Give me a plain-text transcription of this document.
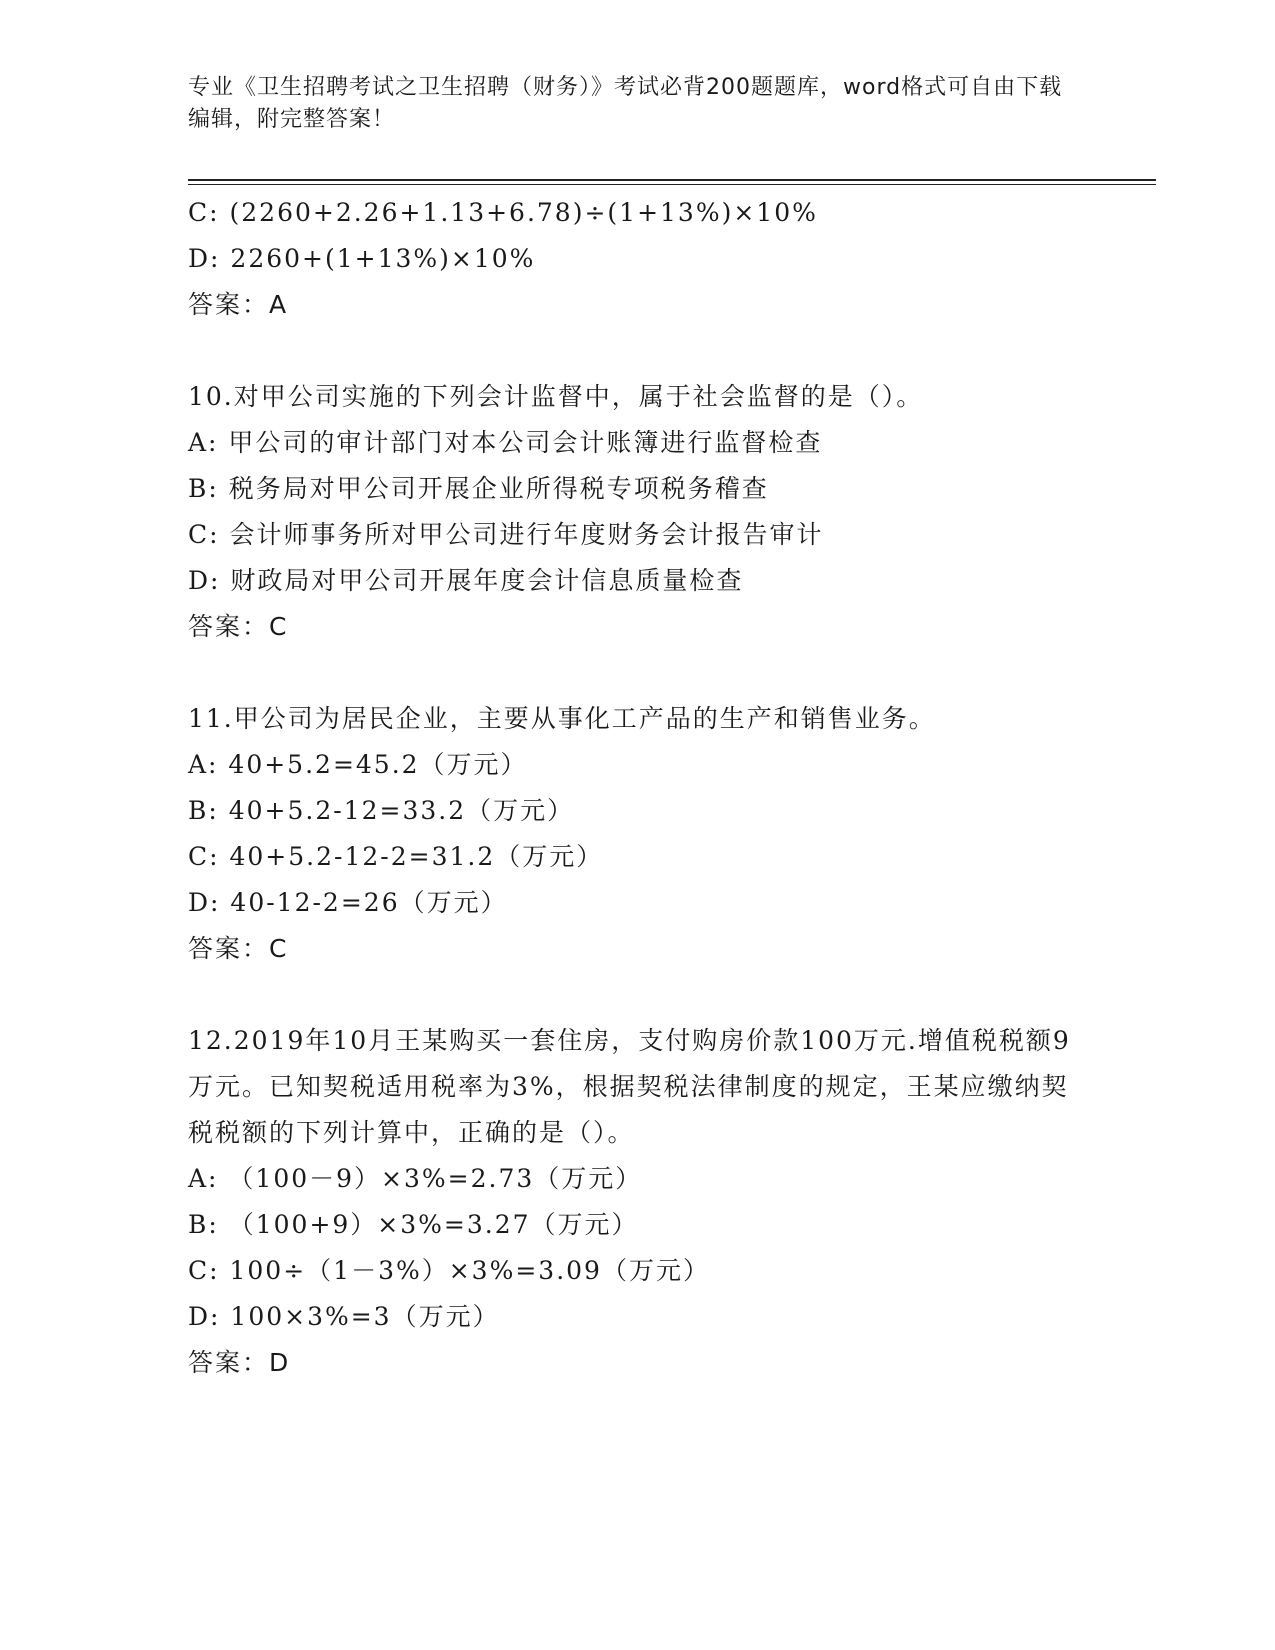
专业《卫生招聘考试之卫生招聘（财务）》考试必背200题题库，word格式可自由下载编辑，附完整答案！
C: (2260+2.26+1.13+6.78)÷(1+13%)×10%
D: 2260+(1+13%)×10%
答案：A
10.对甲公司实施的下列会计监督中，属于社会监督的是（）。
A: 甲公司的审计部门对本公司会计账簿进行监督检查
B: 税务局对甲公司开展企业所得税专项税务稽查
C: 会计师事务所对甲公司进行年度财务会计报告审计
D: 财政局对甲公司开展年度会计信息质量检查
答案：C
11.甲公司为居民企业，主要从事化工产品的生产和销售业务。
A: 40+5.2=45.2（万元）
B: 40+5.2-12=33.2（万元）
C: 40+5.2-12-2=31.2（万元）
D: 40-12-2=26（万元）
答案：C
12.2019年10月王某购买一套住房，支付购房价款100万元.增值税税额9万元。已知契税适用税率为3%，根据契税法律制度的规定，王某应缴纳契税税额的下列计算中，正确的是（）。
A: （100－9）×3%=2.73（万元）
B: （100+9）×3%=3.27（万元）
C: 100÷（1－3%）×3%=3.09（万元）
D: 100×3%=3（万元）
答案：D
